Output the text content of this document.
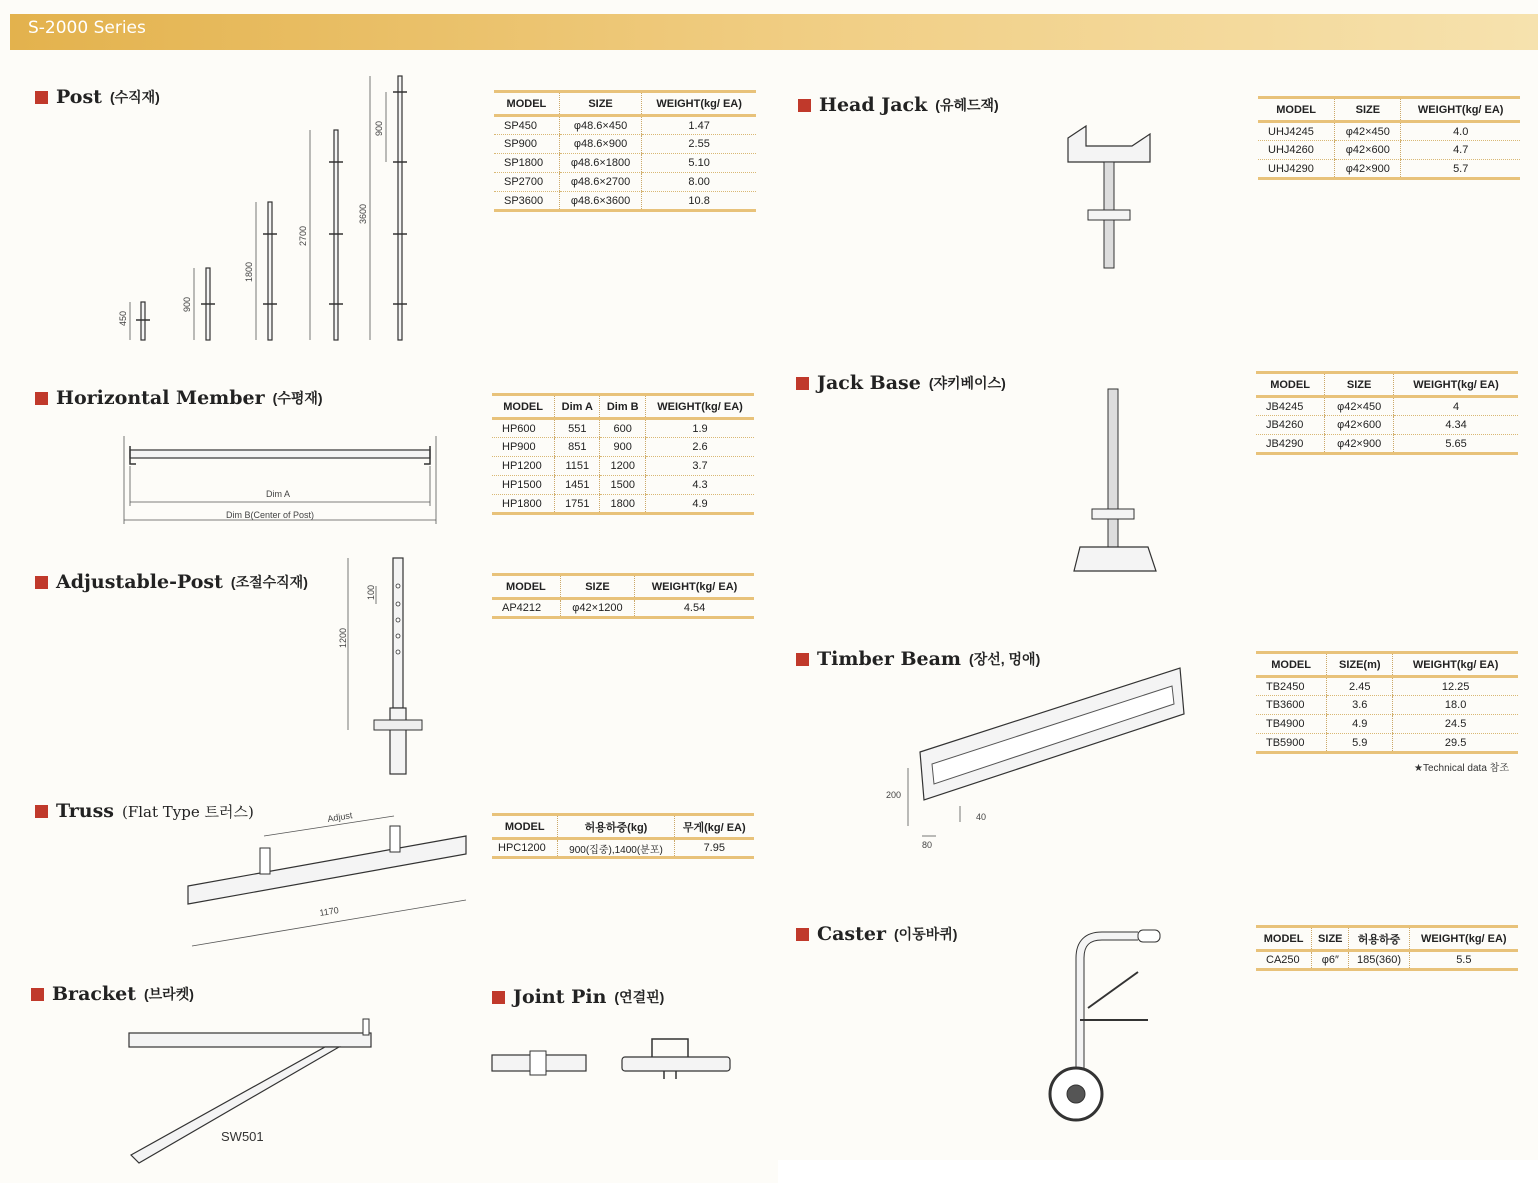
S-2000 Series
Post (수직재)
450
900
1800
2700
3600
900
MODEL	SIZE	WEIGHT(kg/ EA)
SP450	φ48.6×450	1.47
SP900	φ48.6×900	2.55
SP1800	φ48.6×1800	5.10
SP2700	φ48.6×2700	8.00
SP3600	φ48.6×3600	10.8
Horizontal Member (수평재)
Dim A
Dim B(Center of Post)
MODEL	Dim A	Dim B	WEIGHT(kg/ EA)
HP600	551	600	1.9
HP900	851	900	2.6
HP1200	1151	1200	3.7
HP1500	1451	1500	4.3
HP1800	1751	1800	4.9
Adjustable-Post (조절수직재)
1200
100	MODEL	SIZE	WEIGHT(kg/ EA)
AP4212	φ42×1200	4.54
Truss (Flat Type 트러스)	Adjust
1170
MODEL	허용하중(kg)	무게(kg/ EA)
HPC1200	900(집중),1400(분포)	7.95
Bracket (브라켓)
SW501
Joint Pin (연결핀)
Head Jack (유헤드잭)	MODEL	SIZE	WEIGHT(kg/ EA)
UHJ4245	φ42×450	4.0
UHJ4260	φ42×600	4.7
UHJ4290	φ42×900	5.7
Jack Base (쟈키베이스)	MODEL	SIZE	WEIGHT(kg/ EA)
JB4245	φ42×450	4
JB4260	φ42×600	4.34
JB4290	φ42×900	5.65
Timber Beam (장선, 멍애)
200
40
80
MODEL	SIZE(m)	WEIGHT(kg/ EA)
TB2450	2.45	12.25
TB3600	3.6	18.0
TB4900	4.9	24.5
TB5900	5.9	29.5
★Technical data 참조
Caster (이동바퀴)	MODEL	SIZE	허용하중	WEIGHT(kg/ EA)
CA250	φ6″	185(360)	5.5
